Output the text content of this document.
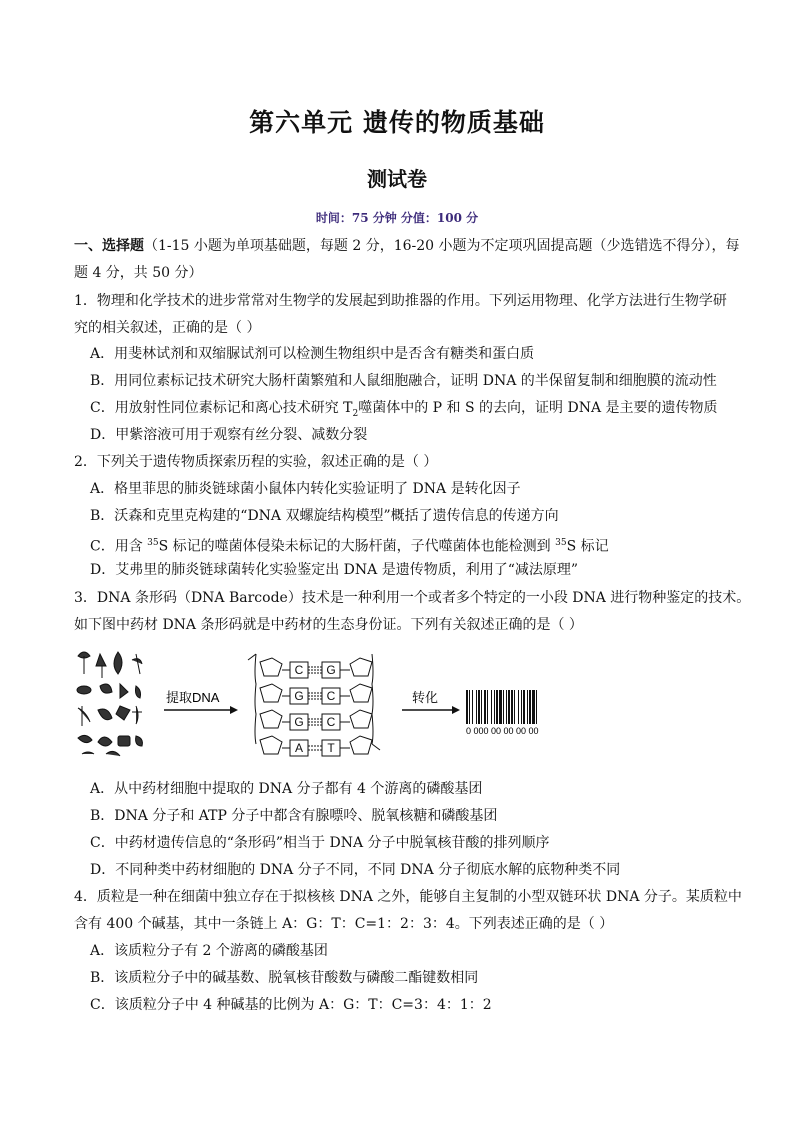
第六单元 遗传的物质基础
测试卷
时间：75 分钟 分值：100 分
一、选择题（1-15 小题为单项基础题，每题 2 分，16-20 小题为不定项巩固提高题（少选错选不得分），每
题 4 分，共 50 分）
1．物理和化学技术的进步常常对生物学的发展起到助推器的作用。下列运用物理、化学方法进行生物学研
究的相关叙述，正确的是（ ）
A．用斐林试剂和双缩脲试剂可以检测生物组织中是否含有糖类和蛋白质
B．用同位素标记技术研究大肠杆菌繁殖和人鼠细胞融合，证明 DNA 的半保留复制和细胞膜的流动性
C．用放射性同位素标记和离心技术研究 $T_2$噬菌体中的 P 和 S 的去向，证明 DNA 是主要的遗传物质
D．甲紫溶液可用于观察有丝分裂、减数分裂
2．下列关于遗传物质探索历程的实验，叙述正确的是（ ）
A．格里菲思的肺炎链球菌小鼠体内转化实验证明了 DNA 是转化因子
B．沃森和克里克构建的“DNA 双螺旋结构模型”概括了遗传信息的传递方向
C．用含 $^{35}$S 标记的噬菌体侵染未标记的大肠杆菌，子代噬菌体也能检测到 $^{35}$S 标记
D．艾弗里的肺炎链球菌转化实验鉴定出 DNA 是遗传物质，利用了“减法原理”
3．DNA 条形码（DNA Barcode）技术是一种利用一个或者多个特定的一小段 DNA 进行物种鉴定的技术。
如下图中药材 DNA 条形码就是中药材的生态身份证。下列有关叙述正确的是（ ）
提取DNA
C G
G C
G C
A T
转化
0 000 00 00 00 00
A．从中药材细胞中提取的 DNA 分子都有 4 个游离的磷酸基团
B．DNA 分子和 ATP 分子中都含有腺嘌呤、脱氧核糖和磷酸基团
C．中药材遗传信息的“条形码”相当于 DNA 分子中脱氧核苷酸的排列顺序
D．不同种类中药材细胞的 DNA 分子不同，不同 DNA 分子彻底水解的底物种类不同
4．质粒是一种在细菌中独立存在于拟核核 DNA 之外，能够自主复制的小型双链环状 DNA 分子。某质粒中
含有 400 个碱基，其中一条链上 A：G：T：C=1：2：3：4。下列表述正确的是（ ）
A．该质粒分子有 2 个游离的磷酸基团
B．该质粒分子中的碱基数、脱氧核苷酸数与磷酸二酯键数相同
C．该质粒分子中 4 种碱基的比例为 A：G：T：C=3：4：1：2
